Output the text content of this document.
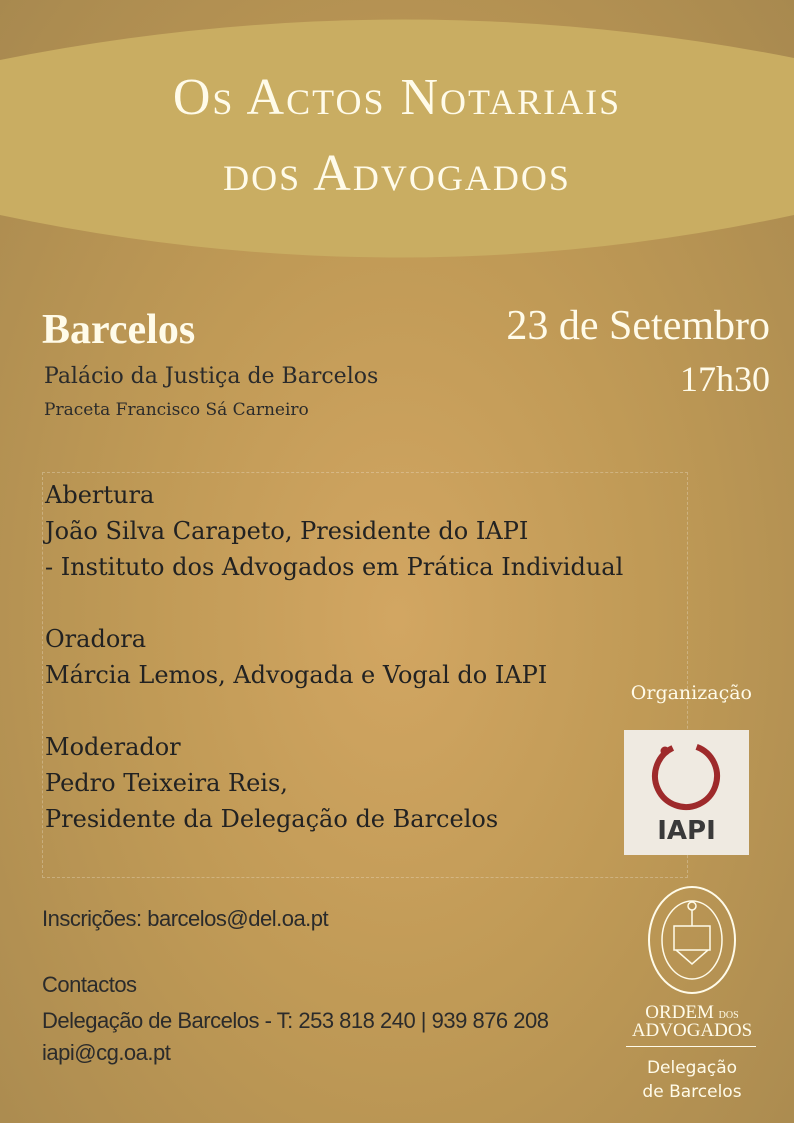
Os Actos Notariais
dos Advogados
Barcelos
Palácio da Justiça de Barcelos
Praceta Francisco Sá Carneiro
23 de Setembro
17h30
Abertura
João Silva Carapeto, Presidente do IAPI
- Instituto dos Advogados em Prática Individual
Oradora
Márcia Lemos, Advogada e Vogal do IAPI
Moderador
Pedro Teixeira Reis,
Presidente da Delegação de Barcelos
Inscrições: barcelos@del.oa.pt
Contactos
Delegação de Barcelos - T: 253 818 240 | 939 876 208
iapi@cg.oa.pt
Organização
IAPI
ORDEM DOS
ADVOGADOS
Delegação
de Barcelos
